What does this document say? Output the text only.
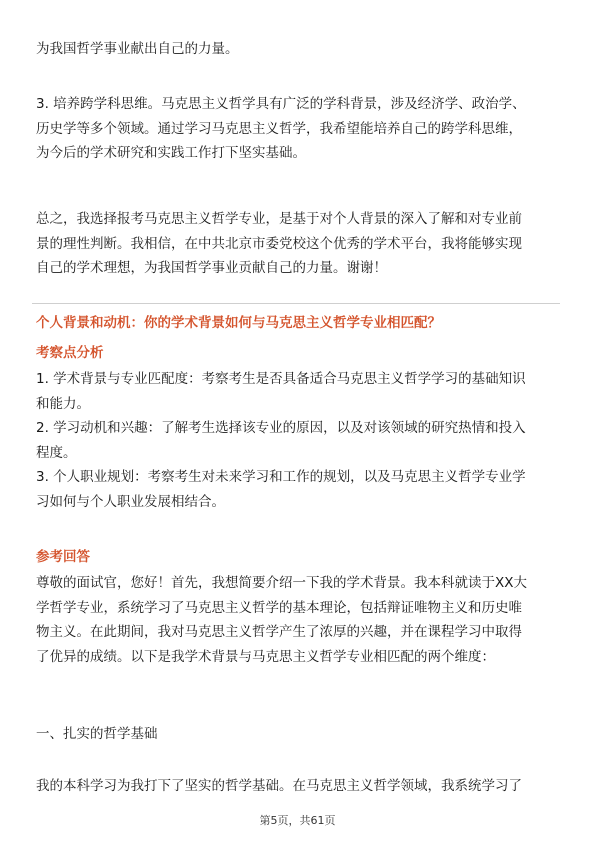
为我国哲学事业献出自己的力量。

3. 培养跨学科思维。马克思主义哲学具有广泛的学科背景，涉及经济学、政治学、
历史学等多个领域。通过学习马克思主义哲学，我希望能培养自己的跨学科思维，
为今后的学术研究和实践工作打下坚实基础。

总之，我选择报考马克思主义哲学专业，是基于对个人背景的深入了解和对专业前
景的理性判断。我相信，在中共北京市委党校这个优秀的学术平台，我将能够实现
自己的学术理想，为我国哲学事业贡献自己的力量。谢谢！

个人背景和动机：你的学术背景如何与马克思主义哲学专业相匹配？
考察点分析

1. 学术背景与专业匹配度：考察考生是否具备适合马克思主义哲学学习的基础知识
和能力。
2. 学习动机和兴趣：了解考生选择该专业的原因，以及对该领域的研究热情和投入
程度。
3. 个人职业规划：考察考生对未来学习和工作的规划，以及马克思主义哲学专业学
习如何与个人职业发展相结合。

参考回答

尊敬的面试官，您好！首先，我想简要介绍一下我的学术背景。我本科就读于XX大
学哲学专业，系统学习了马克思主义哲学的基本理论，包括辩证唯物主义和历史唯
物主义。在此期间，我对马克思主义哲学产生了浓厚的兴趣，并在课程学习中取得
了优异的成绩。以下是我学术背景与马克思主义哲学专业相匹配的两个维度：

一、扎实的哲学基础

我的本科学习为我打下了坚实的哲学基础。在马克思主义哲学领域，我系统学习了

第5页，共61页
